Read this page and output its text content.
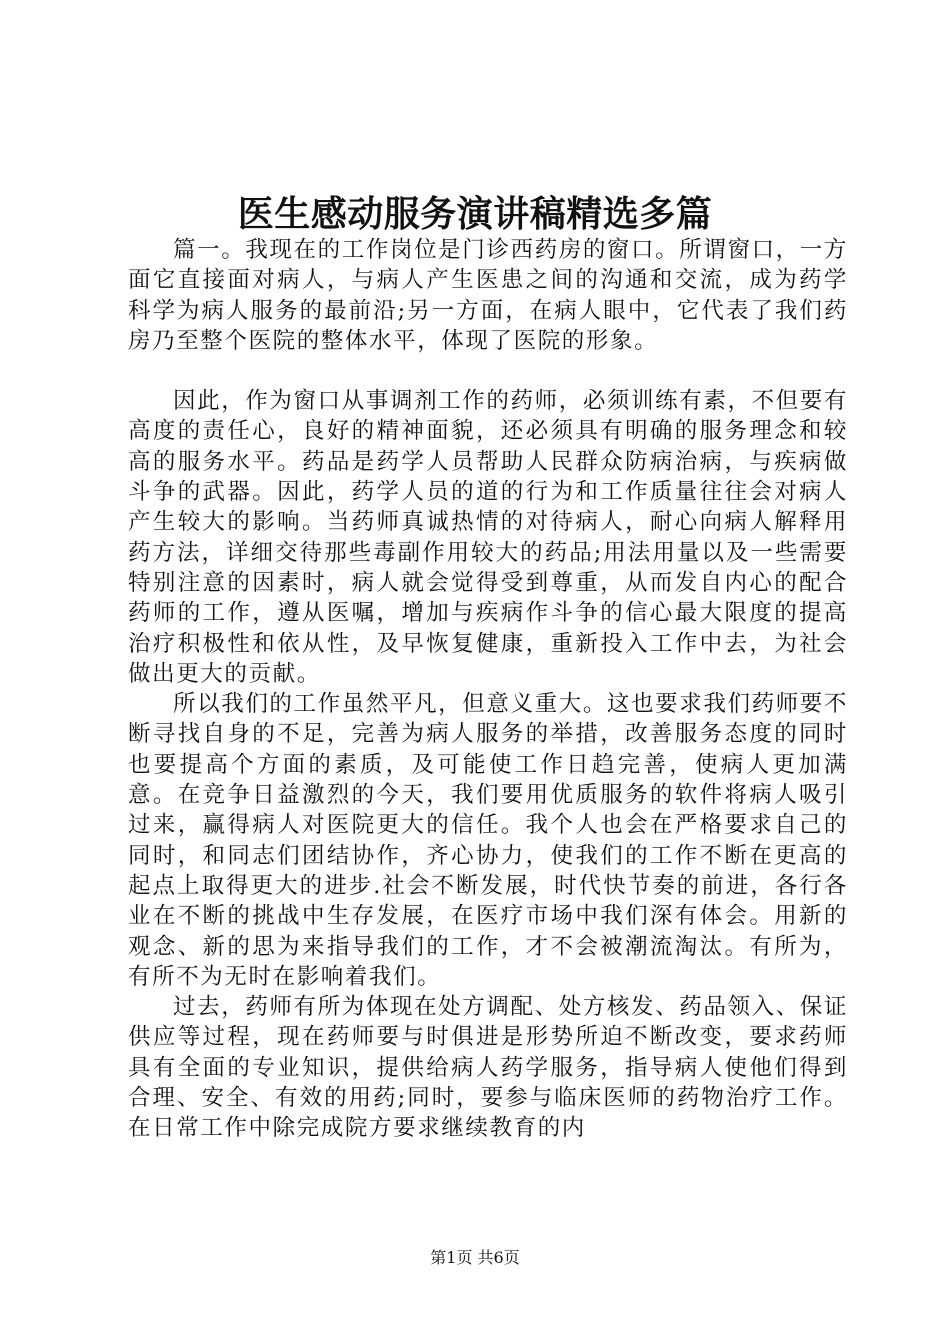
医生感动服务演讲稿精选多篇

篇一。我现在的工作岗位是门诊西药房的窗口。所谓窗口，一方面它直接面对病人，与病人产生医患之间的沟通和交流，成为药学科学为病人服务的最前沿;另一方面，在病人眼中，它代表了我们药房乃至整个医院的整体水平，体现了医院的形象。

因此，作为窗口从事调剂工作的药师，必须训练有素，不但要有高度的责任心，良好的精神面貌，还必须具有明确的服务理念和较高的服务水平。药品是药学人员帮助人民群众防病治病，与疾病做斗争的武器。因此，药学人员的道的行为和工作质量往往会对病人产生较大的影响。当药师真诚热情的对待病人，耐心向病人解释用药方法，详细交待那些毒副作用较大的药品;用法用量以及一些需要特别注意的因素时，病人就会觉得受到尊重，从而发自内心的配合药师的工作，遵从医嘱，增加与疾病作斗争的信心最大限度的提高治疗积极性和依从性，及早恢复健康，重新投入工作中去，为社会做出更大的贡献。

所以我们的工作虽然平凡，但意义重大。这也要求我们药师要不断寻找自身的不足，完善为病人服务的举措，改善服务态度的同时也要提高个方面的素质，及可能使工作日趋完善，使病人更加满意。在竞争日益激烈的今天，我们要用优质服务的软件将病人吸引过来，赢得病人对医院更大的信任。我个人也会在严格要求自己的同时，和同志们团结协作，齐心协力，使我们的工作不断在更高的起点上取得更大的进步.社会不断发展，时代快节奏的前进，各行各业在不断的挑战中生存发展，在医疗市场中我们深有体会。用新的观念、新的思为来指导我们的工作，才不会被潮流淘汰。有所为，有所不为无时在影响着我们。

过去，药师有所为体现在处方调配、处方核发、药品领入、保证供应等过程，现在药师要与时俱进是形势所迫不断改变，要求药师具有全面的专业知识，提供给病人药学服务，指导病人使他们得到合理、安全、有效的用药;同时，要参与临床医师的药物治疗工作。在日常工作中除完成院方要求继续教育的内

第1页 共6页
